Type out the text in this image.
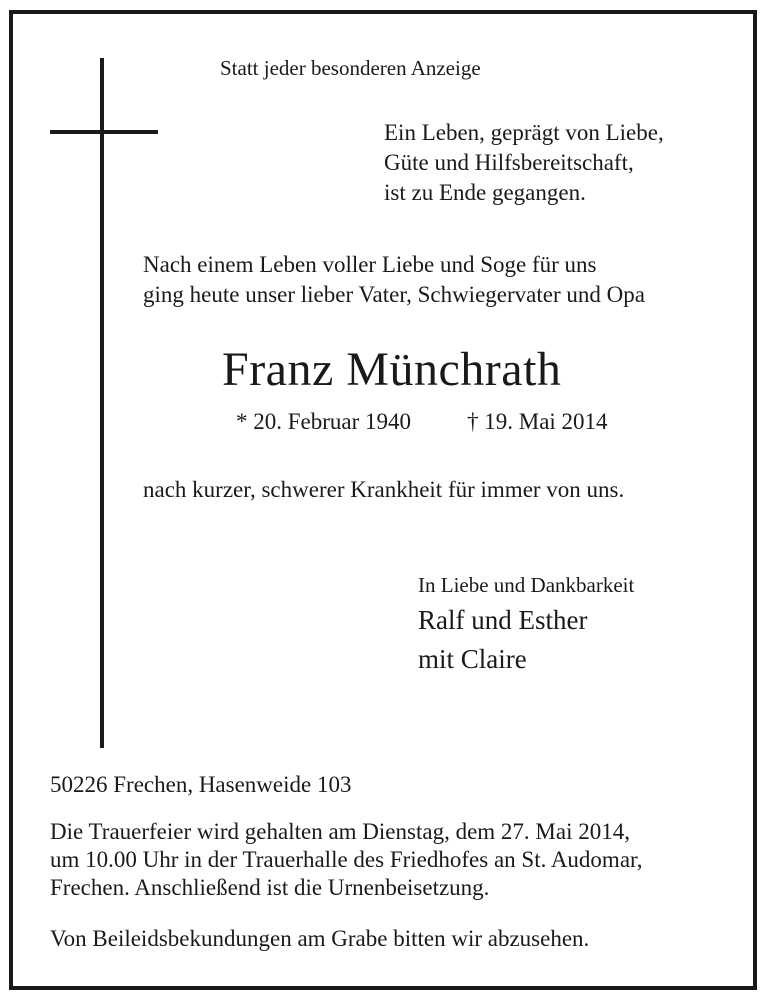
Statt jeder besonderen Anzeige
Ein Leben, geprägt von Liebe,
Güte und Hilfsbereitschaft,
ist zu Ende gegangen.
Nach einem Leben voller Liebe und Soge für uns
ging heute unser lieber Vater, Schwiegervater und Opa
Franz Münchrath
* 20. Februar 1940 † 19. Mai 2014
nach kurzer, schwerer Krankheit für immer von uns.
In Liebe und Dankbarkeit
Ralf und Esther
mit Claire
50226 Frechen, Hasenweide 103
Die Trauerfeier wird gehalten am Dienstag, dem 27. Mai 2014,
um 10.00 Uhr in der Trauerhalle des Friedhofes an St. Audomar,
Frechen. Anschließend ist die Urnenbeisetzung.
Von Beileidsbekundungen am Grabe bitten wir abzusehen.
